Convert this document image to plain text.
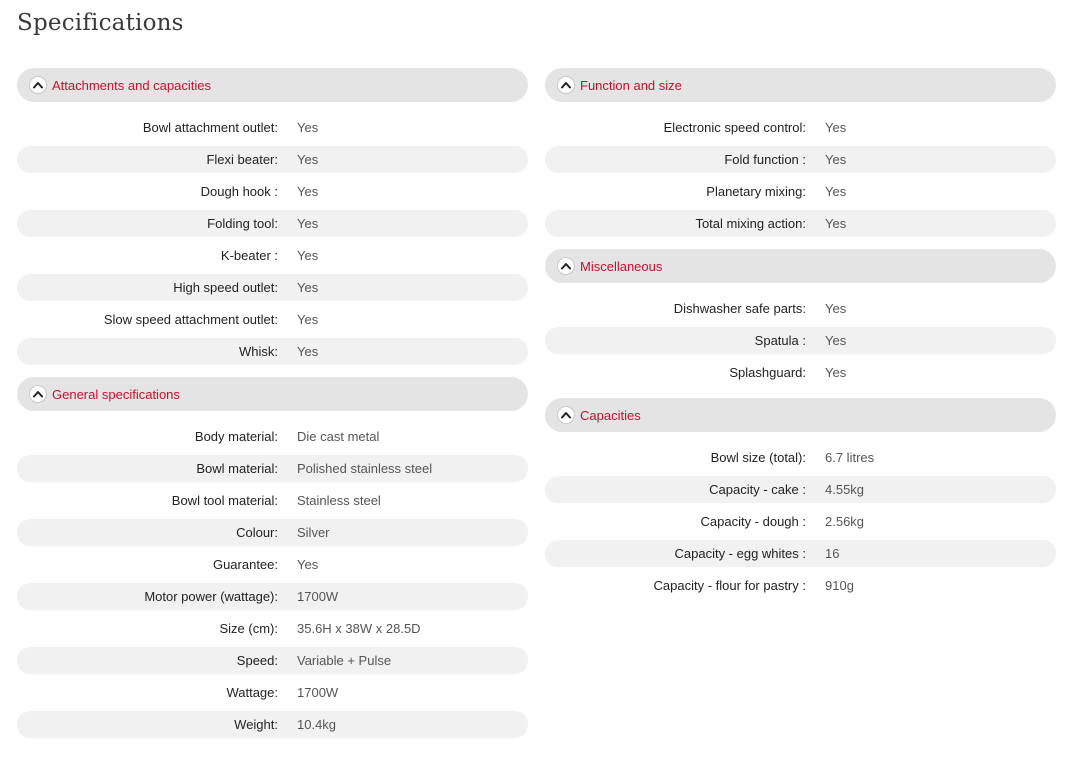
Specifications
Attachments and capacities
Bowl attachment outlet:	Yes
Flexi beater:	Yes
Dough hook :	Yes
Folding tool:	Yes
K-beater :	Yes
High speed outlet:	Yes
Slow speed attachment outlet:	Yes
Whisk:	Yes
General specifications
Body material:	Die cast metal
Bowl material:	Polished stainless steel
Bowl tool material:	Stainless steel
Colour:	Silver
Guarantee:	Yes
Motor power (wattage):	1700W
Size (cm):	35.6H x 38W x 28.5D
Speed:	Variable + Pulse
Wattage:	1700W
Weight:	10.4kg
Function and size
Electronic speed control:	Yes
Fold function :	Yes
Planetary mixing:	Yes
Total mixing action:	Yes
Miscellaneous
Dishwasher safe parts:	Yes
Spatula :	Yes
Splashguard:	Yes
Capacities
Bowl size (total):	6.7 litres
Capacity - cake :	4.55kg
Capacity - dough :	2.56kg
Capacity - egg whites :	16
Capacity - flour for pastry :	910g
